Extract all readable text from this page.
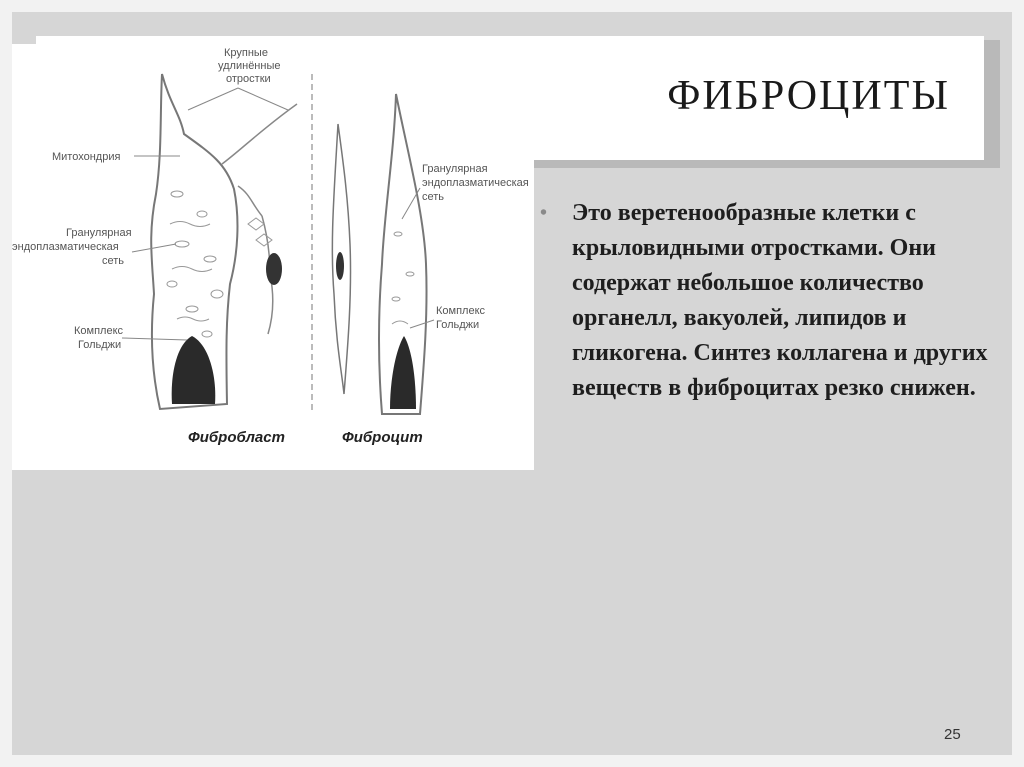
ФИБРОЦИТЫ
Крупные
удлинённые
отростки
Митохондрия
Гранулярная
эндоплазматическая
сеть
Комплекс
Гольджи
Гранулярная
эндоплазматическая
сеть
Комплекс
Гольджи
Фибробласт	Фиброцит
• Это веретенообразные клетки с крыловидными отростками. Они содержат небольшое количество органелл, вакуолей, липидов и гликогена. Синтез коллагена и других веществ в фиброцитах резко снижен.
25
